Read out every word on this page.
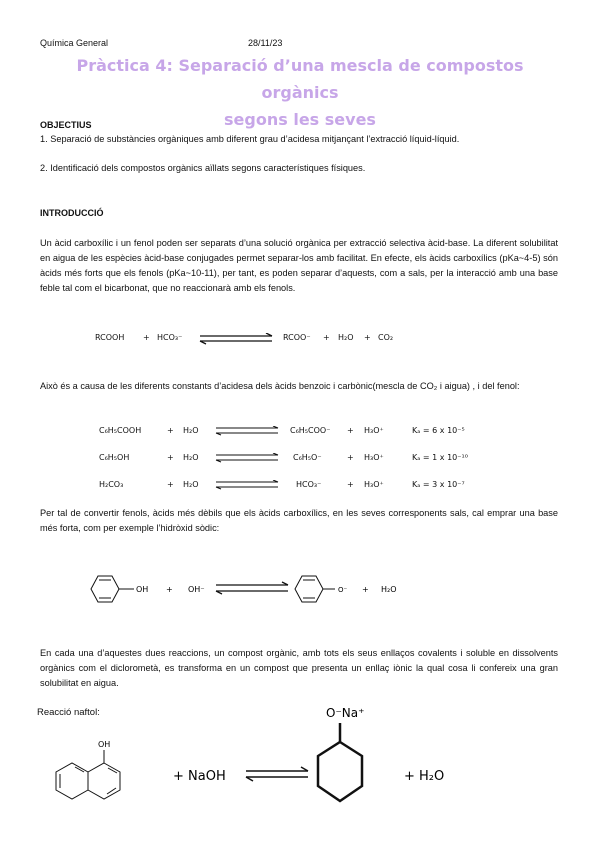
Química General	28/11/23
Pràctica 4: Separació d’una mescla de compostos orgànics
segons les seves
OBJECTIUS
1. Separació de substàncies orgàniques amb diferent grau d’acidesa mitjançant l’extracció líquid-líquid.
2. Identificació dels compostos orgànics aïllats segons característiques físiques.
INTRODUCCIÓ
Un àcid carboxílic i un fenol poden ser separats d’una solució orgànica per extracció selectiva àcid-base. La diferent solubilitat en aigua de les espècies àcid-base conjugades permet separar-los amb facilitat. En efecte, els àcids carboxílics (pKa~4-5) són àcids més forts que els fenols (pKa~10-11), per tant, es poden separar d’aquests, com a sals, per la interacció amb una base feble tal com el bicarbonat, que no reaccionarà amb els fenols.
RCOOH + HCO₃⁻	RCOO⁻ + H₂O + CO₂
Això és a causa de les diferents constants d’acidesa dels àcids benzoic i carbònic(mescla de CO₂ i aigua) , i del fenol:
C₆H₅COOH	+ H₂O	C₆H₅COO⁻ + H₃O⁺	Kₐ = 6 x 10⁻⁵
C₆H₅OH	+ H₂O	C₆H₅O⁻	+ H₃O⁺	Kₐ = 1 x 10⁻¹⁰
H₂CO₃	+ H₂O	HCO₃⁻	+ H₃O⁺	Kₐ = 3 x 10⁻⁷
Per tal de convertir fenols, àcids més dèbils que els àcids carboxílics, en les seves corresponents sals, cal emprar una base més forta, com per exemple l’hidròxid sòdic:
OH + OH⁻	O⁻ + H₂O
En cada una d’aquestes dues reaccions, un compost orgànic, amb tots els seus enllaços covalents i soluble en dissolvents orgànics com el diclorometà, es transforma en un compost que presenta un enllaç iònic la qual cosa li confereix una gran solubilitat en aigua.
Reacció naftol:
OH
+ NaOH
O⁻Na⁺
+ H₂O
